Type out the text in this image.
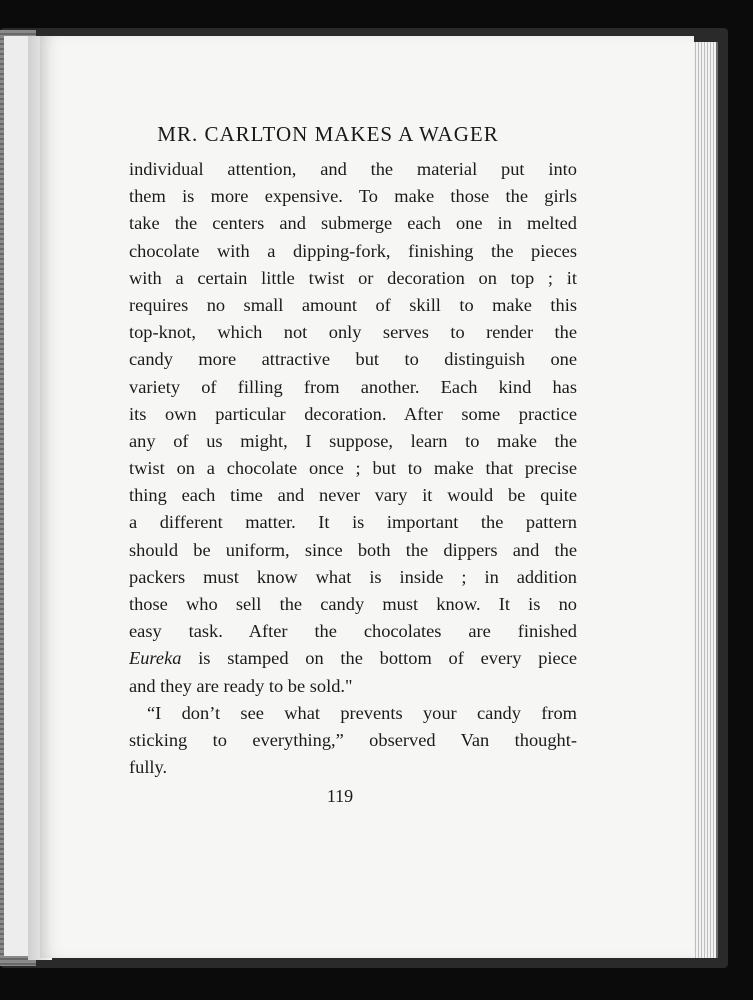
MR. CARLTON MAKES A WAGER
individual attention, and the material put into
them is more expensive. To make those the girls
take the centers and submerge each one in melted
chocolate with a dipping-fork, finishing the pieces
with a certain little twist or decoration on top ; it
requires no small amount of skill to make this
top-knot, which not only serves to render the
candy more attractive but to distinguish one
variety of filling from another. Each kind has
its own particular decoration. After some practice
any of us might, I suppose, learn to make the
twist on a chocolate once ; but to make that precise
thing each time and never vary it would be quite
a different matter. It is important the pattern
should be uniform, since both the dippers and the
packers must know what is inside ; in addition
those who sell the candy must know. It is no
easy task. After the chocolates are finished
Eureka is stamped on the bottom of every piece
and they are ready to be sold."
“I don’t see what prevents your candy from
sticking to everything,” observed Van thought-
fully.
119
